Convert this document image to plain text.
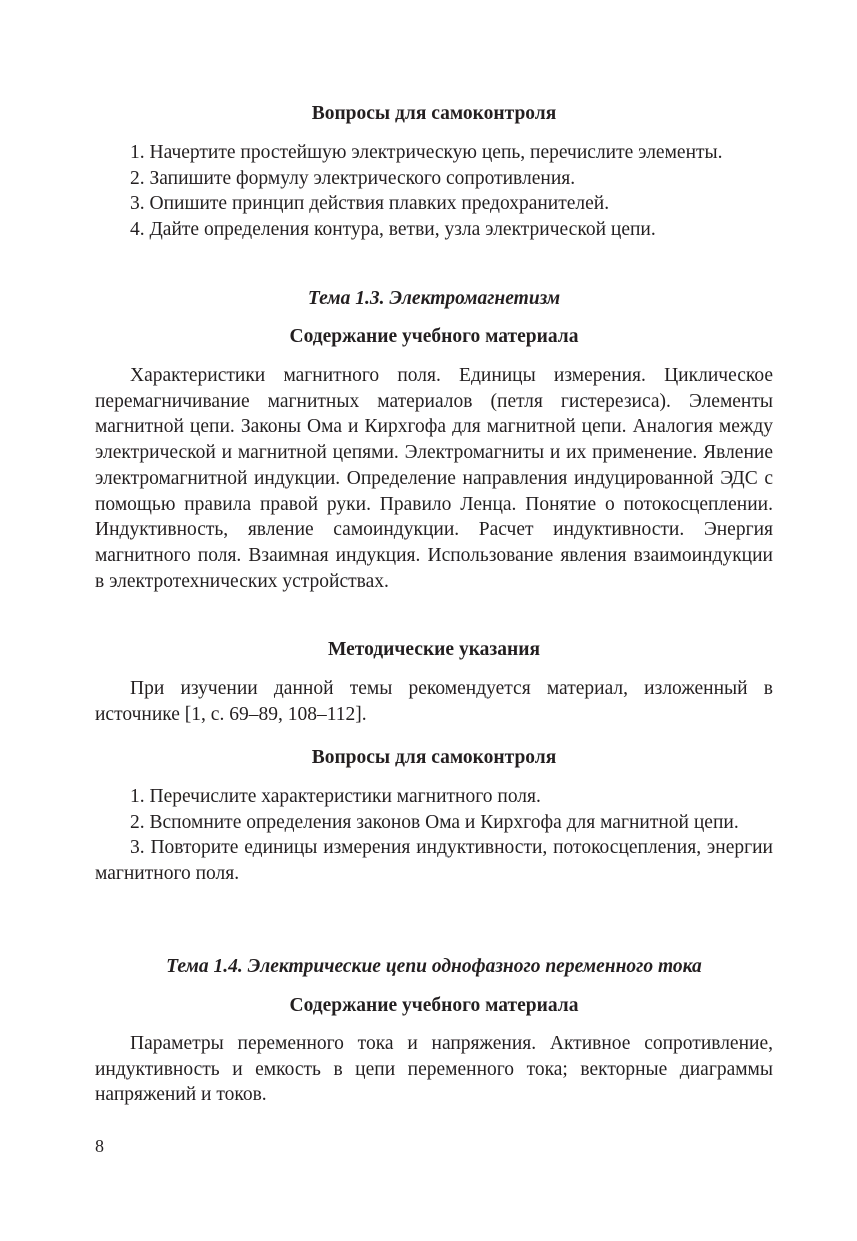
Вопросы для самоконтроля
1. Начертите простейшую электрическую цепь, перечислите элементы.
2. Запишите формулу электрического сопротивления.
3. Опишите принцип действия плавких предохранителей.
4. Дайте определения контура, ветви, узла электрической цепи.
Тема 1.3. Электромагнетизм
Содержание учебного материала

Характеристики магнитного поля. Единицы измерения. Циклическое перемагничивание магнитных материалов (петля гистерезиса). Элементы магнитной цепи. Законы Ома и Кирхгофа для магнитной цепи. Аналогия между электрической и магнитной цепями. Электромагниты и их применение. Явление электромагнитной индукции. Определение направления индуцированной ЭДС с помощью правила правой руки. Правило Ленца. Понятие о потокосцеплении. Индуктивность, явление самоиндукции. Расчет индуктивности. Энергия магнитного поля. Взаимная индукция. Использование явления взаимоиндукции в электротехнических устройствах.

Методические указания

При изучении данной темы рекомендуется материал, изложенный в источнике [1, с. 69–89, 108–112].

Вопросы для самоконтроля
1. Перечислите характеристики магнитного поля.
2. Вспомните определения законов Ома и Кирхгофа для магнитной цепи.
3. Повторите единицы измерения индуктивности, потокосцепления, энергии магнитного поля.
Тема 1.4. Электрические цепи однофазного переменного тока
Содержание учебного материала

Параметры переменного тока и напряжения. Активное сопротивление, индуктивность и емкость в цепи переменного тока; векторные диаграммы напряжений и токов.

8
